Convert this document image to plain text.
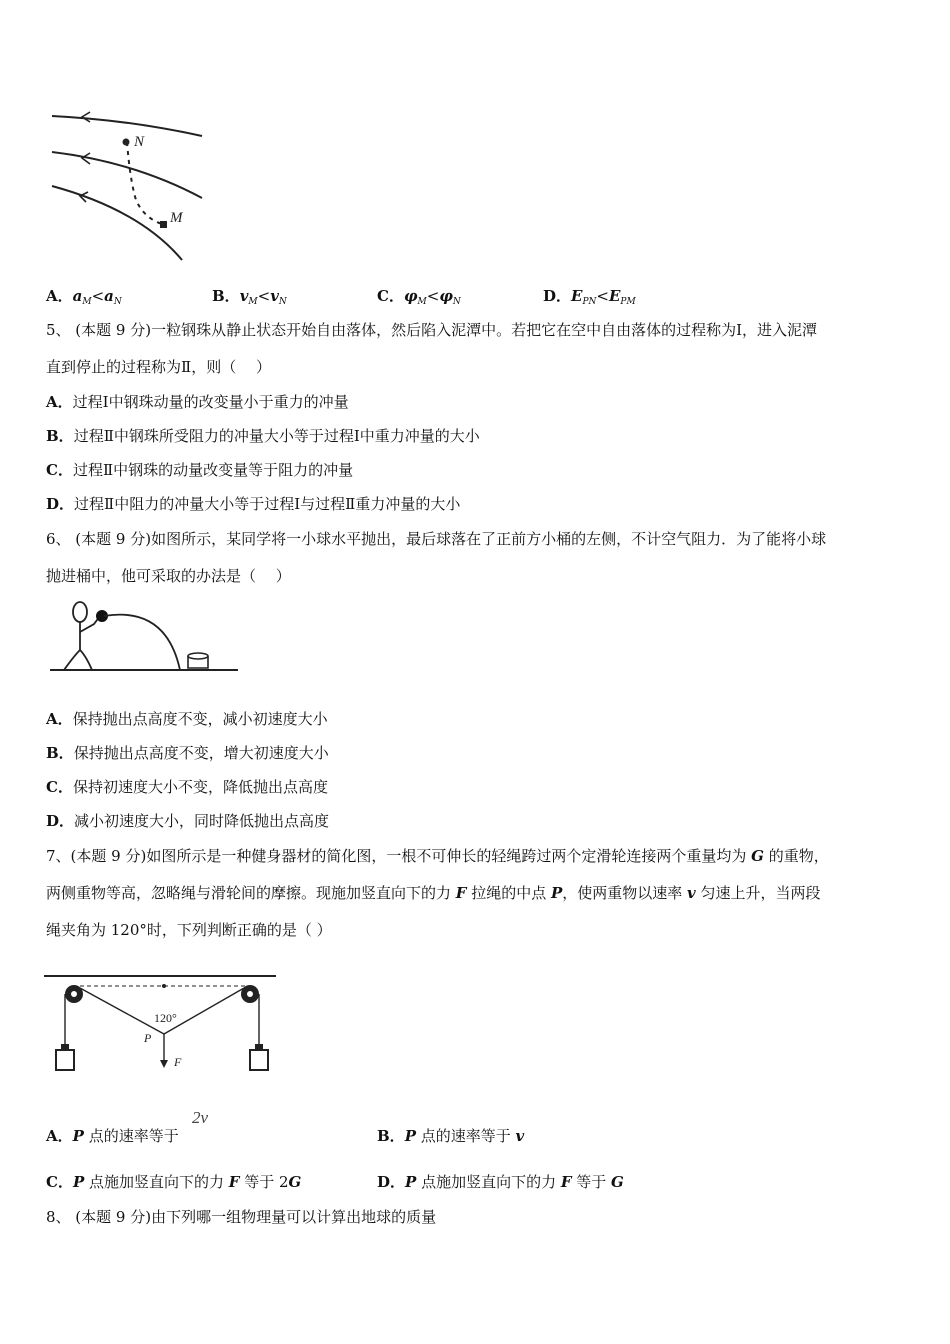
N
M
A．$a_M<a_N$	B．$v_M<v_N$	C．$\varphi_M<\varphi_N$	D．$E_{PN}<E_{PM}$
5、 (本题 9 分)一粒钢珠从静止状态开始自由落体，然后陷入泥潭中。若把它在空中自由落体的过程称为Ⅰ，进入泥潭
直到停止的过程称为Ⅱ，则（　 ）
A．过程Ⅰ中钢珠动量的改变量小于重力的冲量
B．过程Ⅱ中钢珠所受阻力的冲量大小等于过程Ⅰ中重力冲量的大小
C．过程Ⅱ中钢珠的动量改变量等于阻力的冲量
D．过程Ⅱ中阻力的冲量大小等于过程Ⅰ与过程Ⅱ重力冲量的大小
6、 (本题 9 分)如图所示，某同学将一小球水平抛出，最后球落在了正前方小桶的左侧，不计空气阻力．为了能将小球
抛进桶中，他可采取的办法是（　 ）
A．保持抛出点高度不变，减小初速度大小
B．保持抛出点高度不变，增大初速度大小
C．保持初速度大小不变，降低抛出点高度
D．减小初速度大小，同时降低抛出点高度
7、(本题 9 分)如图所示是一种健身器材的简化图，一根不可伸长的轻绳跨过两个定滑轮连接两个重量均为 G 的重物，
两侧重物等高，忽略绳与滑轮间的摩擦。现施加竖直向下的力 F 拉绳的中点 P，使两重物以速率 v 匀速上升，当两段
绳夹角为 120°时，下列判断正确的是（ ）
120°
P
F
A．P 点的速率等于
2v
B．P 点的速率等于 v
C．P 点施加竖直向下的力 F 等于 2G	D．P 点施加竖直向下的力 F 等于 G
8、 (本题 9 分)由下列哪一组物理量可以计算出地球的质量
